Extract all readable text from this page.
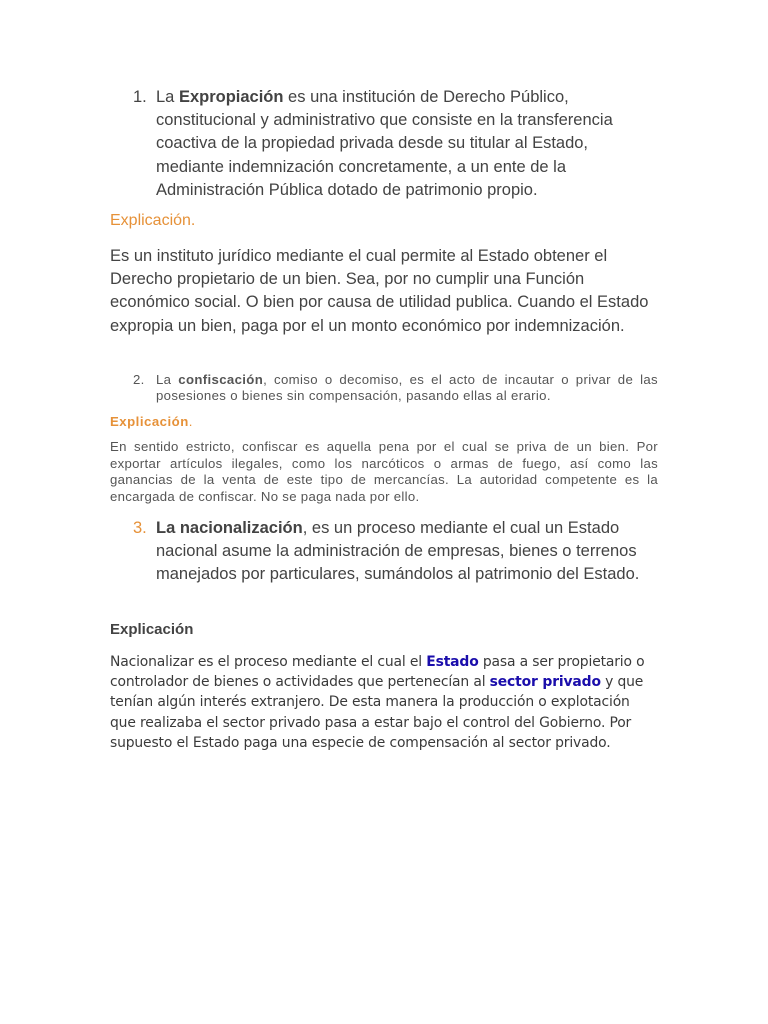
1. La Expropiación es una institución de Derecho Público, constitucional y administrativo que consiste en la transferencia coactiva de la propiedad privada desde su titular al Estado, mediante indemnización concretamente, a un ente de la Administración Pública dotado de patrimonio propio.
Explicación.
Es un instituto jurídico mediante el cual permite al Estado obtener el Derecho propietario de un bien. Sea, por no cumplir una Función económico social. O bien por causa de utilidad publica. Cuando el Estado expropia un bien, paga por el un monto económico por indemnización.
2. La confiscación, comiso o decomiso, es el acto de incautar o privar de las posesiones o bienes sin compensación, pasando ellas al erario.
Explicación.
En sentido estricto, confiscar es aquella pena por el cual se priva de un bien. Por exportar artículos ilegales, como los narcóticos o armas de fuego, así como las ganancias de la venta de este tipo de mercancías. La autoridad competente es la encargada de confiscar. No se paga nada por ello.
3. La nacionalización, es un proceso mediante el cual un Estado nacional asume la administración de empresas, bienes o terrenos manejados por particulares, sumándolos al patrimonio del Estado.
Explicación
Nacionalizar es el proceso mediante el cual el Estado pasa a ser propietario o controlador de bienes o actividades que pertenecían al sector privado y que tenían algún interés extranjero. De esta manera la producción o explotación que realizaba el sector privado pasa a estar bajo el control del Gobierno. Por supuesto el Estado paga una especie de compensación al sector privado.
